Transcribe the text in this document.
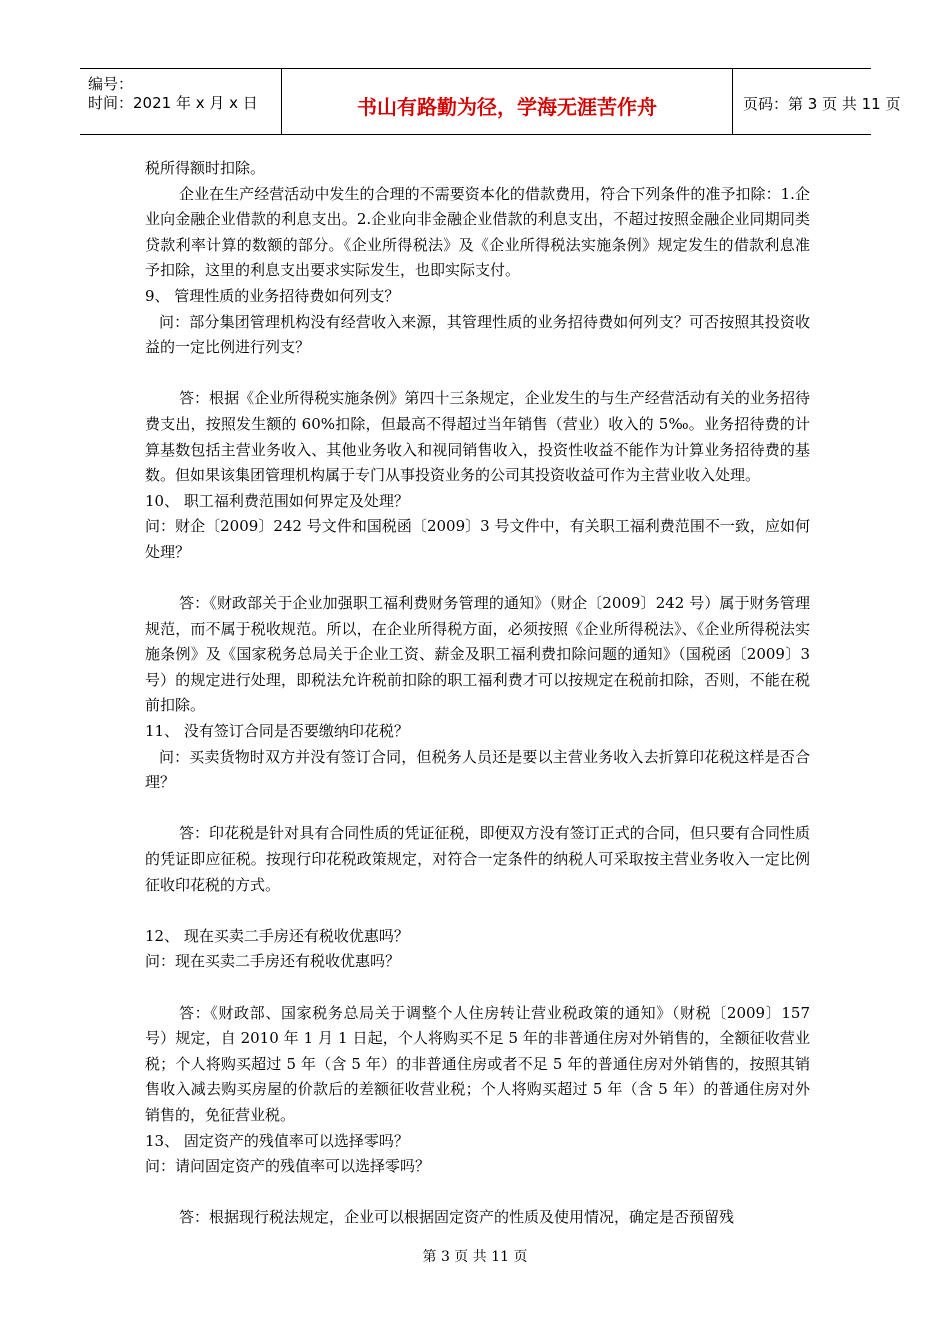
编号：
时间：2021 年 x 月 x 日	书山有路勤为径，学海无涯苦作舟	页码：第 3 页 共 11 页

税所得额时扣除。

企业在生产经营活动中发生的合理的不需要资本化的借款费用，符合下列条件的准予扣除：1.企业向金融企业借款的利息支出。2.企业向非金融企业借款的利息支出，不超过按照金融企业同期同类贷款利率计算的数额的部分。《企业所得税法》及《企业所得税法实施条例》规定发生的借款利息准予扣除，这里的利息支出要求实际发生，也即实际支付。

9、 管理性质的业务招待费如何列支？

问：部分集团管理机构没有经营收入来源，其管理性质的业务招待费如何列支？可否按照其投资收益的一定比例进行列支？

答：根据《企业所得税实施条例》第四十三条规定，企业发生的与生产经营活动有关的业务招待费支出，按照发生额的 60%扣除，但最高不得超过当年销售（营业）收入的 5‰。业务招待费的计算基数包括主营业务收入、其他业务收入和视同销售收入，投资性收益不能作为计算业务招待费的基数。但如果该集团管理机构属于专门从事投资业务的公司其投资收益可作为主营业收入处理。

10、 职工福利费范围如何界定及处理？

问：财企〔2009〕242 号文件和国税函〔2009〕3 号文件中，有关职工福利费范围不一致，应如何处理？

答：《财政部关于企业加强职工福利费财务管理的通知》（财企〔2009〕242 号）属于财务管理规范，而不属于税收规范。所以，在企业所得税方面，必须按照《企业所得税法》、《企业所得税法实施条例》及《国家税务总局关于企业工资、薪金及职工福利费扣除问题的通知》（国税函〔2009〕3 号）的规定进行处理，即税法允许税前扣除的职工福利费才可以按规定在税前扣除，否则，不能在税前扣除。

11、 没有签订合同是否要缴纳印花税？

问：买卖货物时双方并没有签订合同，但税务人员还是要以主营业务收入去折算印花税这样是否合理？

答：印花税是针对具有合同性质的凭证征税，即便双方没有签订正式的合同，但只要有合同性质的凭证即应征税。按现行印花税政策规定，对符合一定条件的纳税人可采取按主营业务收入一定比例征收印花税的方式。

12、 现在买卖二手房还有税收优惠吗？

问：现在买卖二手房还有税收优惠吗？

答：《财政部、国家税务总局关于调整个人住房转让营业税政策的通知》（财税〔2009〕157 号）规定，自 2010 年 1 月 1 日起，个人将购买不足 5 年的非普通住房对外销售的，全额征收营业税；个人将购买超过 5 年（含 5 年）的非普通住房或者不足 5 年的普通住房对外销售的，按照其销售收入减去购买房屋的价款后的差额征收营业税；个人将购买超过 5 年（含 5 年）的普通住房对外销售的，免征营业税。

13、 固定资产的残值率可以选择零吗？

问：请问固定资产的残值率可以选择零吗？

答：根据现行税法规定，企业可以根据固定资产的性质及使用情况，确定是否预留残

第 3 页 共 11 页
